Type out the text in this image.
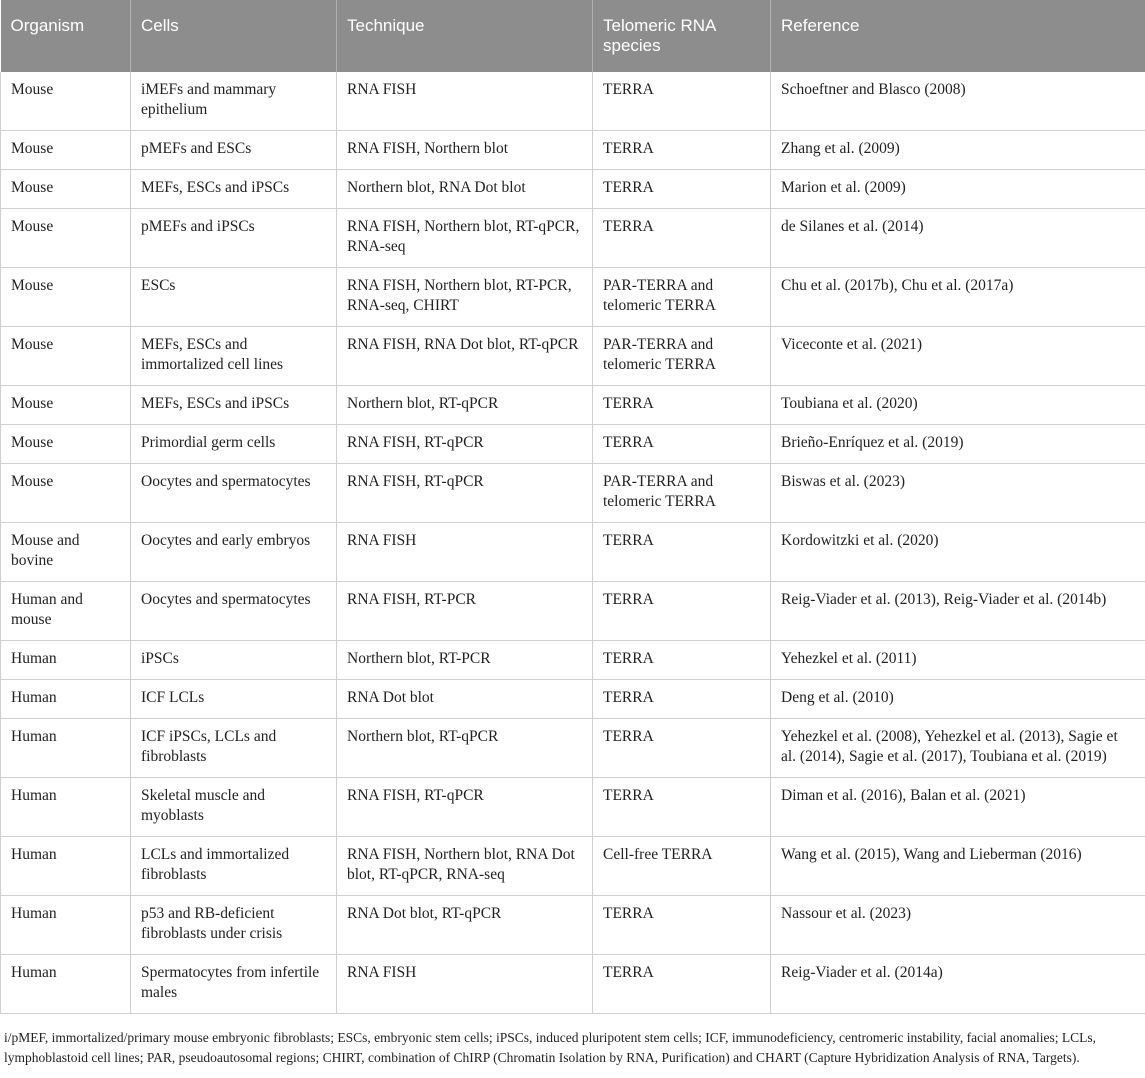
Organism	Cells	Technique	Telomeric RNA species	Reference
Mouse	iMEFs and mammary epithelium	RNA FISH	TERRA	Schoeftner and Blasco (2008)
Mouse	pMEFs and ESCs	RNA FISH, Northern blot	TERRA	Zhang et al. (2009)
Mouse	MEFs, ESCs and iPSCs	Northern blot, RNA Dot blot	TERRA	Marion et al. (2009)
Mouse	pMEFs and iPSCs	RNA FISH, Northern blot, RT-qPCR, RNA-seq	TERRA	de Silanes et al. (2014)
Mouse	ESCs	RNA FISH, Northern blot, RT-PCR, RNA-seq, CHIRT	PAR-TERRA and telomeric TERRA	Chu et al. (2017b), Chu et al. (2017a)
Mouse	MEFs, ESCs and immortalized cell lines	RNA FISH, RNA Dot blot, RT-qPCR	PAR-TERRA and telomeric TERRA	Viceconte et al. (2021)
Mouse	MEFs, ESCs and iPSCs	Northern blot, RT-qPCR	TERRA	Toubiana et al. (2020)
Mouse	Primordial germ cells	RNA FISH, RT-qPCR	TERRA	Brieño-Enríquez et al. (2019)
Mouse	Oocytes and spermatocytes	RNA FISH, RT-qPCR	PAR-TERRA and telomeric TERRA	Biswas et al. (2023)
Mouse and bovine	Oocytes and early embryos	RNA FISH	TERRA	Kordowitzki et al. (2020)
Human and mouse	Oocytes and spermatocytes	RNA FISH, RT-PCR	TERRA	Reig-Viader et al. (2013), Reig-Viader et al. (2014b)
Human	iPSCs	Northern blot, RT-PCR	TERRA	Yehezkel et al. (2011)
Human	ICF LCLs	RNA Dot blot	TERRA	Deng et al. (2010)
Human	ICF iPSCs, LCLs and fibroblasts	Northern blot, RT-qPCR	TERRA	Yehezkel et al. (2008), Yehezkel et al. (2013), Sagie et al. (2014), Sagie et al. (2017), Toubiana et al. (2019)
Human	Skeletal muscle and myoblasts	RNA FISH, RT-qPCR	TERRA	Diman et al. (2016), Balan et al. (2021)
Human	LCLs and immortalized fibroblasts	RNA FISH, Northern blot, RNA Dot blot, RT-qPCR, RNA-seq	Cell-free TERRA	Wang et al. (2015), Wang and Lieberman (2016)
Human	p53 and RB-deficient fibroblasts under crisis	RNA Dot blot, RT-qPCR	TERRA	Nassour et al. (2023)
Human	Spermatocytes from infertile males	RNA FISH	TERRA	Reig-Viader et al. (2014a)
i/pMEF, immortalized/primary mouse embryonic fibroblasts; ESCs, embryonic stem cells; iPSCs, induced pluripotent stem cells; ICF, immunodeficiency, centromeric instability, facial anomalies; LCLs, lymphoblastoid cell lines; PAR, pseudoautosomal regions; CHIRT, combination of ChIRP (Chromatin Isolation by RNA, Purification) and CHART (Capture Hybridization Analysis of RNA, Targets).
